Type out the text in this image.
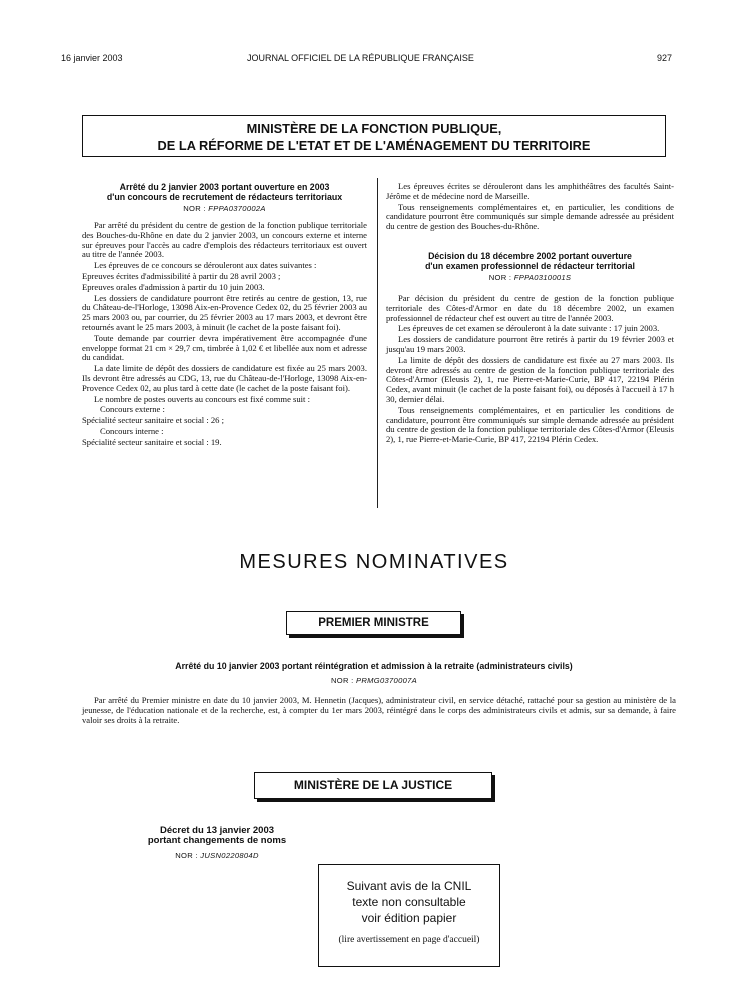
16 janvier 2003	JOURNAL OFFICIEL DE LA RÉPUBLIQUE FRANÇAISE	927
MINISTÈRE DE LA FONCTION PUBLIQUE,
DE LA RÉFORME DE L'ETAT ET DE L'AMÉNAGEMENT DU TERRITOIRE
Arrêté du 2 janvier 2003 portant ouverture en 2003
d'un concours de recrutement de rédacteurs territoriaux
NOR : FPPA0370002A

Par arrêté du président du centre de gestion de la fonction publique territoriale des Bouches-du-Rhône en date du 2 janvier 2003, un concours externe et interne sur épreuves pour l'accès au cadre d'emplois des rédacteurs territoriaux est ouvert au titre de l'année 2003.

Les épreuves de ce concours se dérouleront aux dates suivantes :

Epreuves écrites d'admissibilité à partir du 28 avril 2003 ;

Epreuves orales d'admission à partir du 10 juin 2003.

Les dossiers de candidature pourront être retirés au centre de gestion, 13, rue du Château-de-l'Horloge, 13098 Aix-en-Provence Cedex 02, du 25 février 2003 au 25 mars 2003 ou, par courrier, du 25 février 2003 au 17 mars 2003, et devront être retournés avant le 25 mars 2003, à minuit (le cachet de la poste faisant foi).

Toute demande par courrier devra impérativement être accompagnée d'une enveloppe format 21 cm × 29,7 cm, timbrée à 1,02 € et libellée aux nom et adresse du candidat.

La date limite de dépôt des dossiers de candidature est fixée au 25 mars 2003. Ils devront être adressés au CDG, 13, rue du Château-de-l'Horloge, 13098 Aix-en-Provence Cedex 02, au plus tard à cette date (le cachet de la poste faisant foi).

Le nombre de postes ouverts au concours est fixé comme suit :

Concours externe :

Spécialité secteur sanitaire et social : 26 ;

Concours interne :

Spécialité secteur sanitaire et social : 19.

Les épreuves écrites se dérouleront dans les amphithéâtres des facultés Saint-Jérôme et de médecine nord de Marseille.

Tous renseignements complémentaires et, en particulier, les conditions de candidature pourront être communiqués sur simple demande adressée au président du centre de gestion des Bouches-du-Rhône.

Décision du 18 décembre 2002 portant ouverture
d'un examen professionnel de rédacteur territorial
NOR : FPPA0310001S

Par décision du président du centre de gestion de la fonction publique territoriale des Côtes-d'Armor en date du 18 décembre 2002, un examen professionnel de rédacteur chef est ouvert au titre de l'année 2003.

Les épreuves de cet examen se dérouleront à la date suivante : 17 juin 2003.

Les dossiers de candidature pourront être retirés à partir du 19 février 2003 et jusqu'au 19 mars 2003.

La limite de dépôt des dossiers de candidature est fixée au 27 mars 2003. Ils devront être adressés au centre de gestion de la fonction publique territoriale des Côtes-d'Armor (Eleusis 2), 1, rue Pierre-et-Marie-Curie, BP 417, 22194 Plérin Cedex, avant minuit (le cachet de la poste faisant foi), ou déposés à l'accueil à 17 h 30, dernier délai.

Tous renseignements complémentaires, et en particulier les conditions de candidature, pourront être communiqués sur simple demande adressée au président du centre de gestion de la fonction publique territoriale des Côtes-d'Armor (Eleusis 2), 1, rue Pierre-et-Marie-Curie, BP 417, 22194 Plérin Cedex.

MESURES NOMINATIVES
PREMIER MINISTRE
Arrêté du 10 janvier 2003 portant réintégration et admission à la retraite (administrateurs civils)
NOR : PRMG0370007A

Par arrêté du Premier ministre en date du 10 janvier 2003, M. Hennetin (Jacques), administrateur civil, en service détaché, rattaché pour sa gestion au ministère de la jeunesse, de l'éducation nationale et de la recherche, est, à compter du 1er mars 2003, réintégré dans le corps des administrateurs civils et admis, sur sa demande, à faire valoir ses droits à la retraite.

MINISTÈRE DE LA JUSTICE
Décret du 13 janvier 2003
portant changements de noms
NOR : JUSN0220804D
Suivant avis de la CNIL
texte non consultable
voir édition papier
(lire avertissement en page d'accueil)
